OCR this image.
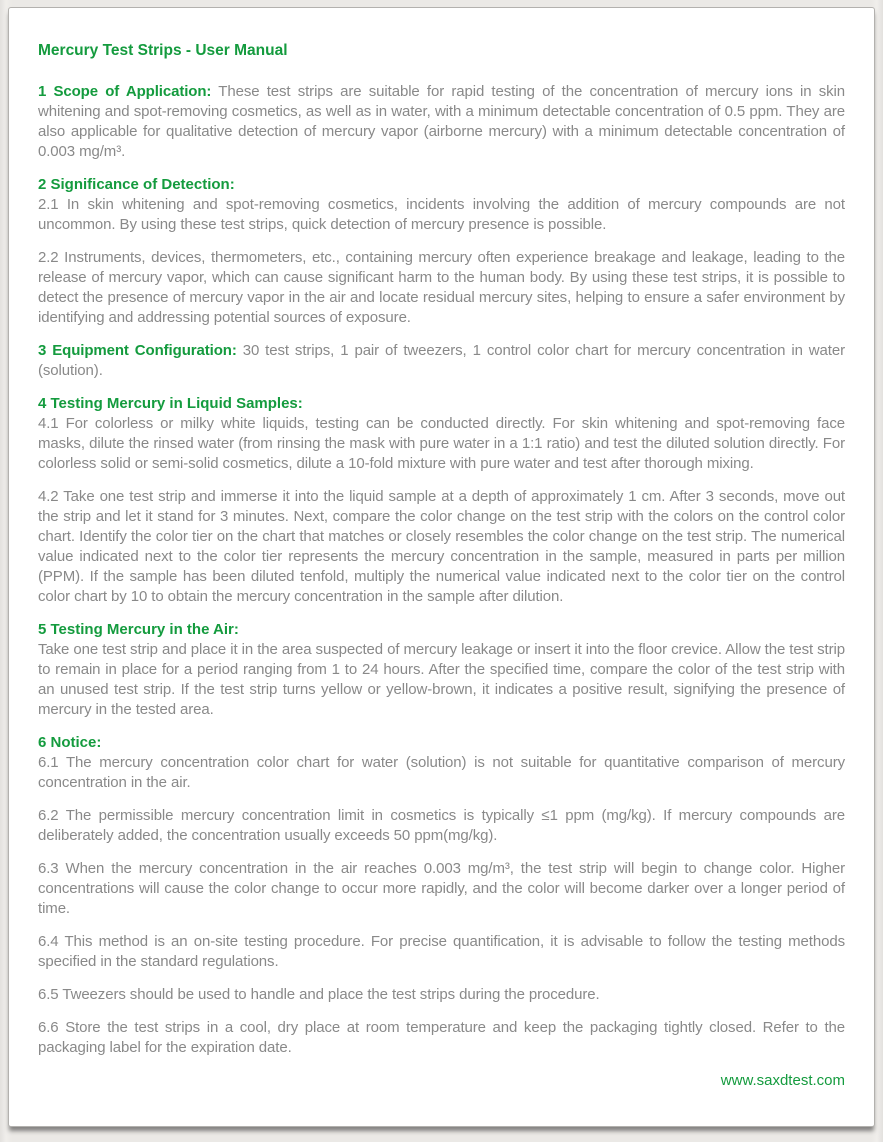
Mercury Test Strips - User Manual

1 Scope of Application: These test strips are suitable for rapid testing of the concentration of mercury ions in skin whitening and spot-removing cosmetics, as well as in water, with a minimum detectable concentration of 0.5 ppm. They are also applicable for qualitative detection of mercury vapor (airborne mercury) with a minimum detectable concentration of 0.003 mg/m³.

2 Significance of Detection:

2.1 In skin whitening and spot-removing cosmetics, incidents involving the addition of mercury compounds are not uncommon. By using these test strips, quick detection of mercury presence is possible.

2.2 Instruments, devices, thermometers, etc., containing mercury often experience breakage and leakage, leading to the release of mercury vapor, which can cause significant harm to the human body. By using these test strips, it is possible to detect the presence of mercury vapor in the air and locate residual mercury sites, helping to ensure a safer environment by identifying and addressing potential sources of exposure.

3 Equipment Configuration: 30 test strips, 1 pair of tweezers, 1 control color chart for mercury concentration in water (solution).

4 Testing Mercury in Liquid Samples:

4.1 For colorless or milky white liquids, testing can be conducted directly. For skin whitening and spot-removing face masks, dilute the rinsed water (from rinsing the mask with pure water in a 1:1 ratio) and test the diluted solution directly. For colorless solid or semi-solid cosmetics, dilute a 10-fold mixture with pure water and test after thorough mixing.

4.2 Take one test strip and immerse it into the liquid sample at a depth of approximately 1 cm. After 3 seconds, move out the strip and let it stand for 3 minutes. Next, compare the color change on the test strip with the colors on the control color chart. Identify the color tier on the chart that matches or closely resembles the color change on the test strip. The numerical value indicated next to the color tier represents the mercury concentration in the sample, measured in parts per million (PPM). If the sample has been diluted tenfold, multiply the numerical value indicated next to the color tier on the control color chart by 10 to obtain the mercury concentration in the sample after dilution.

5 Testing Mercury in the Air:

Take one test strip and place it in the area suspected of mercury leakage or insert it into the floor crevice. Allow the test strip to remain in place for a period ranging from 1 to 24 hours. After the specified time, compare the color of the test strip with an unused test strip. If the test strip turns yellow or yellow-brown, it indicates a positive result, signifying the presence of mercury in the tested area.

6 Notice:

6.1 The mercury concentration color chart for water (solution) is not suitable for quantitative comparison of mercury concentration in the air.

6.2 The permissible mercury concentration limit in cosmetics is typically ≤1 ppm (mg/kg). If mercury compounds are deliberately added, the concentration usually exceeds 50 ppm(mg/kg).

6.3 When the mercury concentration in the air reaches 0.003 mg/m³, the test strip will begin to change color. Higher concentrations will cause the color change to occur more rapidly, and the color will become darker over a longer period of time.

6.4 This method is an on-site testing procedure. For precise quantification, it is advisable to follow the testing methods specified in the standard regulations.

6.5 Tweezers should be used to handle and place the test strips during the procedure.

6.6 Store the test strips in a cool, dry place at room temperature and keep the packaging tightly closed. Refer to the packaging label for the expiration date.

www.saxdtest.com
